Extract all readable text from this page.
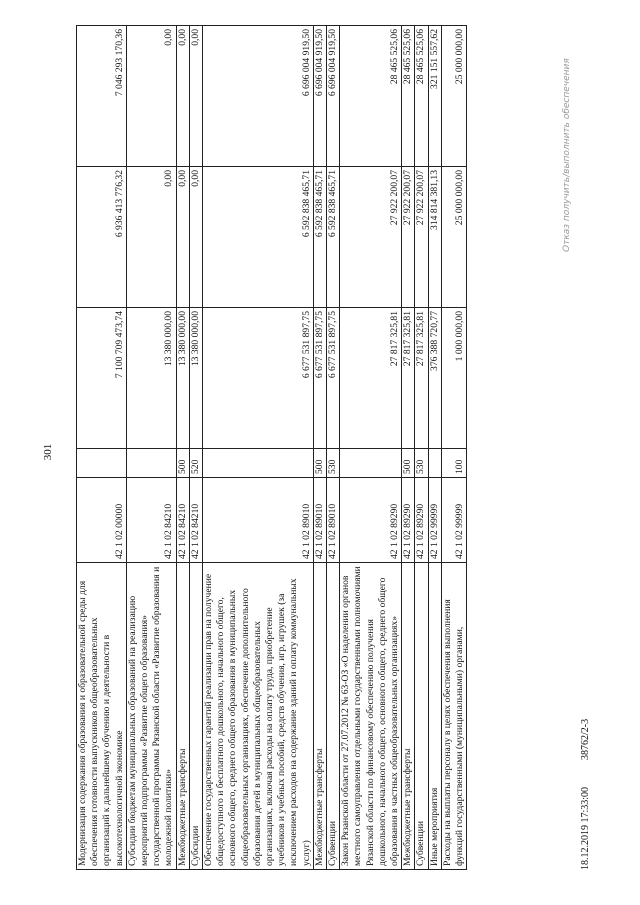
301
Модернизация содержания образования и образовательной среды для обеспечения готовности выпускников общеобразовательных организаций к дальнейшему обучению и деятельности в высокотехнологичной экономике	42 1 02 00000		7 100 709 473,74	6 936 413 776,32	7 046 293 170,36
Субсидии бюджетам муниципальных образований на реализацию мероприятий подпрограммы «Развитие общего образования» государственной программы Рязанской области «Развитие образования и молодежной политики»	42 1 02 84210		13 380 000,00	0,00	0,00
Межбюджетные трансферты	42 1 02 84210	500	13 380 000,00	0,00	0,00
Субсидии	42 1 02 84210	520	13 380 000,00	0,00	0,00
Обеспечение государственных гарантий реализации прав на получение общедоступного и бесплатного дошкольного, начального общего, основного общего, среднего общего образования в муниципальных общеобразовательных организациях, обеспечение дополнительного образования детей в муниципальных общеобразовательных организациях, включая расходы на оплату труда, приобретение учебников и учебных пособий, средств обучения, игр, игрушек (за исключением расходов на содержание зданий и оплату коммунальных услуг)	42 1 02 89010		6 677 531 897,75	6 592 838 465,71	6 696 004 919,50
Межбюджетные трансферты	42 1 02 89010	500	6 677 531 897,75	6 592 838 465,71	6 696 004 919,50
Субвенции	42 1 02 89010	530	6 677 531 897,75	6 592 838 465,71	6 696 004 919,50
Закон Рязанской области от 27.07.2012 № 63-ОЗ «О наделении органов местного самоуправления отдельными государственными полномочиями Рязанской области по финансовому обеспечению получения дошкольного, начального общего, основного общего, среднего общего образования в частных общеобразовательных организациях»	42 1 02 89290		27 817 325,81	27 922 200,07	28 465 525,06
Межбюджетные трансферты	42 1 02 89290	500	27 817 325,81	27 922 200,07	28 465 525,06
Субвенции	42 1 02 89290	530	27 817 325,81	27 922 200,07	28 465 525,06
Иные мероприятия	42 1 02 99999		376 388 720,77	314 814 381,13	321 151 557,62
Расходы на выплаты персоналу в целях обеспечения выполнения функций государственными (муниципальными) органами,	42 1 02 99999	100	1 000 000,00	25 000 000,00	25 000 000,00
18.12.2019 17:33:00
38762/2-3
Отказ получить/выполнить обеспечения
